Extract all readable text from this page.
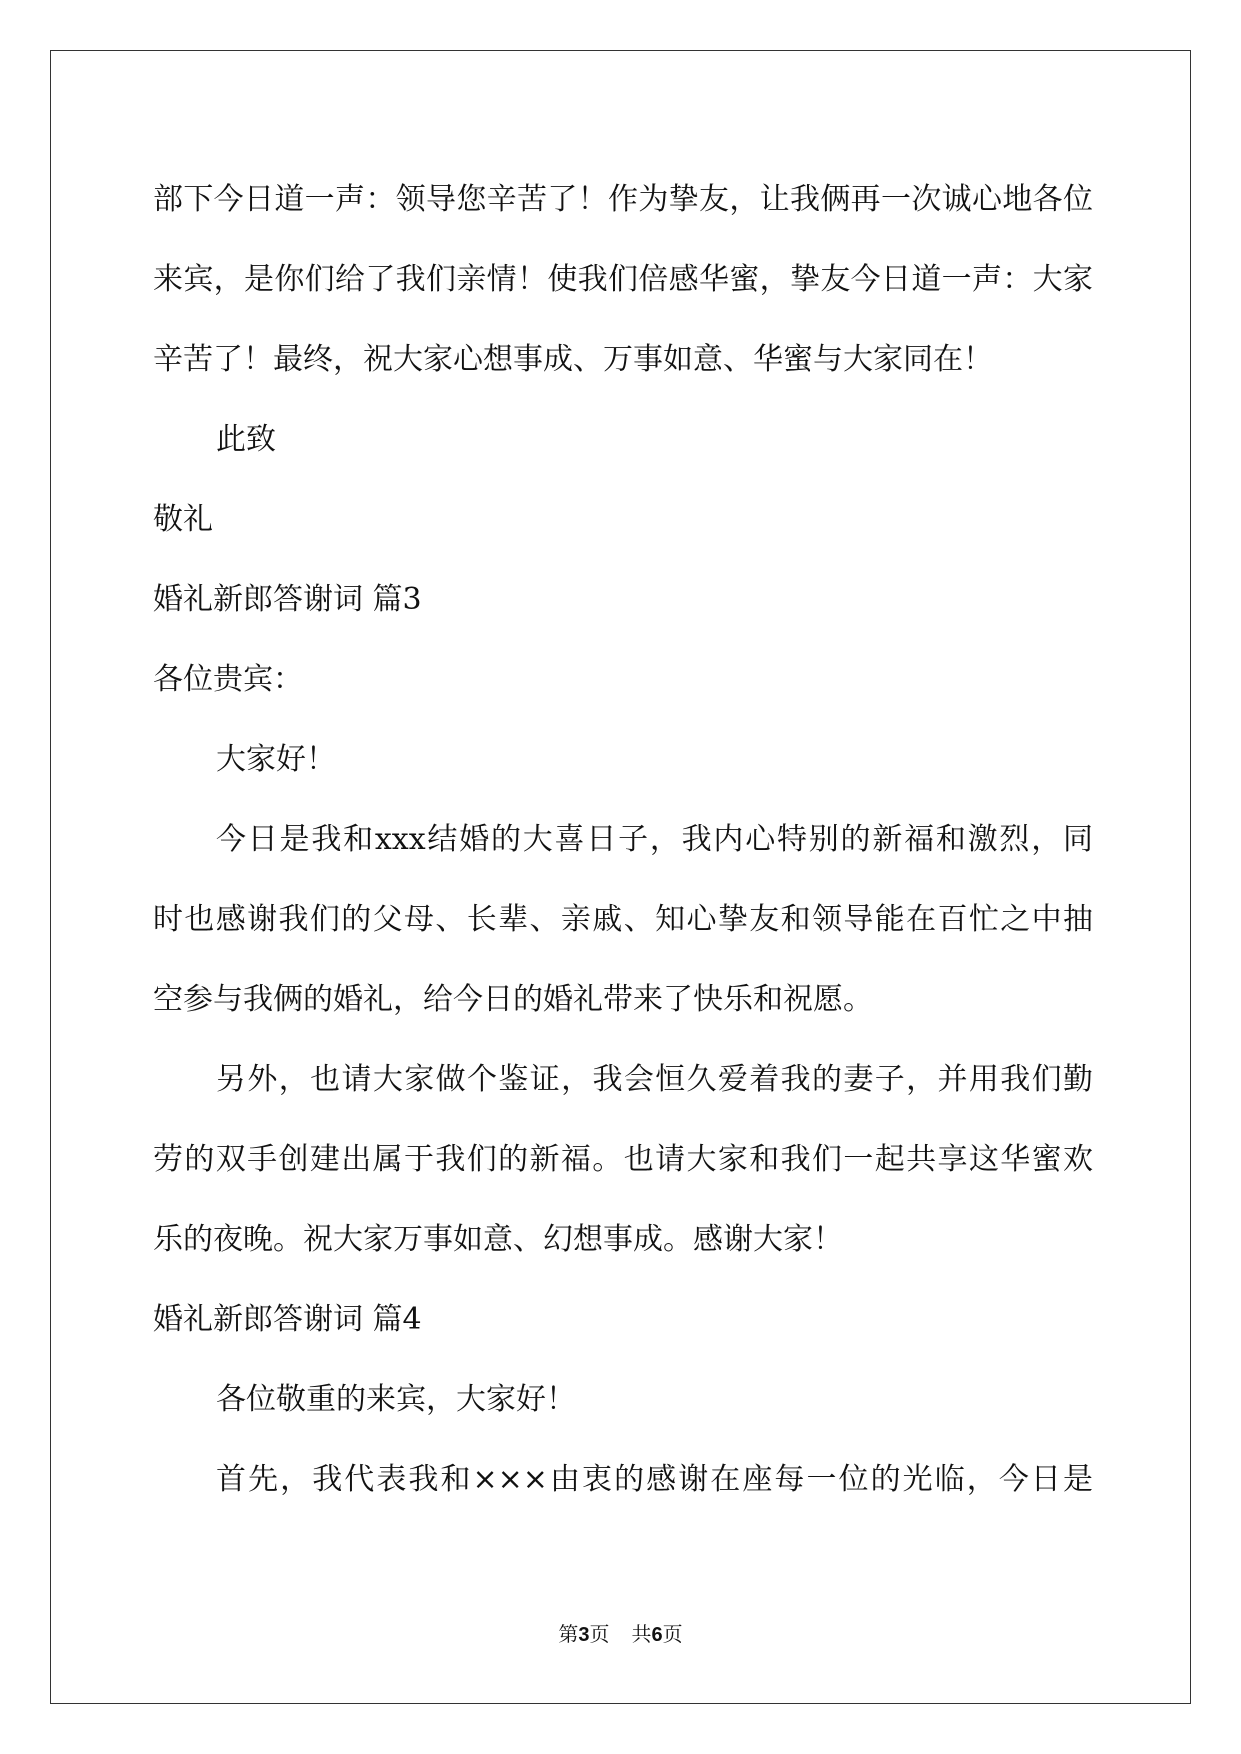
部下今日道一声：领导您辛苦了！作为挚友，让我俩再一次诚心地各位

来宾，是你们给了我们亲情！使我们倍感华蜜，挚友今日道一声：大家

辛苦了！最终，祝大家心想事成、万事如意、华蜜与大家同在！

此致

敬礼

婚礼新郎答谢词 篇3

各位贵宾：

大家好！

今日是我和xxx结婚的大喜日子，我内心特别的新福和激烈，同

时也感谢我们的父母、长辈、亲戚、知心挚友和领导能在百忙之中抽

空参与我俩的婚礼，给今日的婚礼带来了快乐和祝愿。

另外，也请大家做个鉴证，我会恒久爱着我的妻子，并用我们勤

劳的双手创建出属于我们的新福。也请大家和我们一起共享这华蜜欢

乐的夜晚。祝大家万事如意、幻想事成。感谢大家！

婚礼新郎答谢词 篇4

各位敬重的来宾，大家好！

首先，我代表我和×××由衷的感谢在座每一位的光临，今日是

第3页 共6页
